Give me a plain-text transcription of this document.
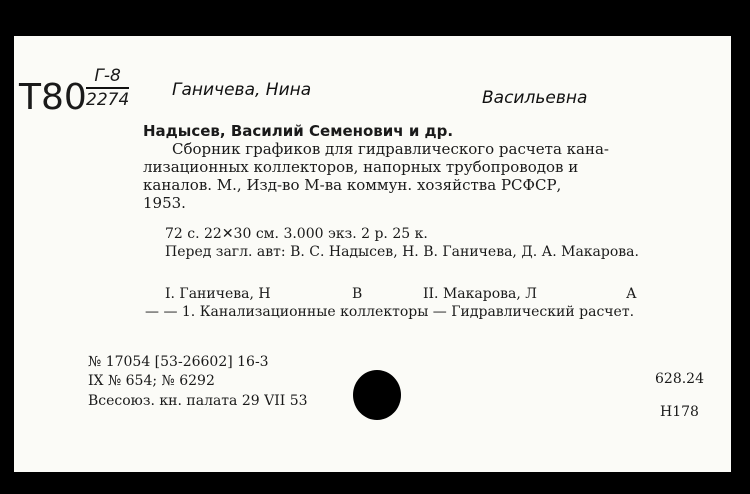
Т80
Г-8
2274	Ганичева, Нина	Васильевна
Надысев, Василий Семенович и др.
Сборник графиков для гидравлического расчета кана-
лизационных коллекторов, напорных трубопроводов и
каналов. М., Изд-во М-ва коммун. хозяйства РСФСР,
1953.
72 с. 22✕30 см. 3.000 экз. 2 р. 25 к.
Перед загл. авт: В. С. Надысев, Н. В. Ганичева, Д. А. Макарова.
I. Ганичева, Н	В	II. Макарова, Л	А
— — 1. Канализационные коллекторы — Гидравлический расчет.
№ 17054 [53-26602] 16-3
IX № 654; № 6292
Всесоюз. кн. палата 29 VII 53
628.24
Н178
